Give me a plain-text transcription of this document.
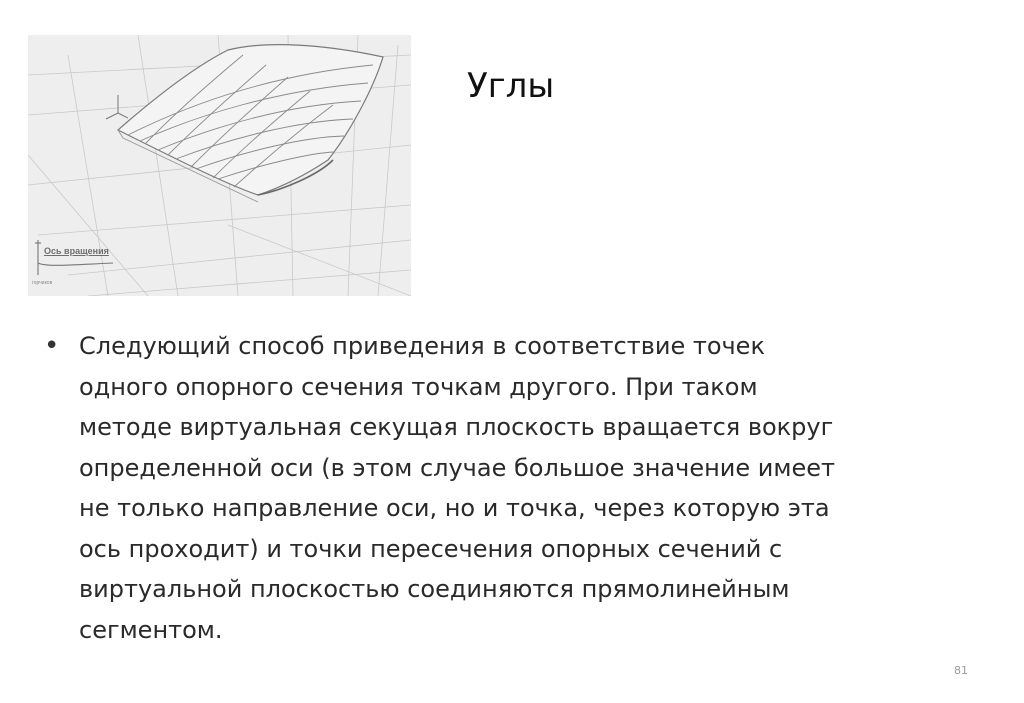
Ось вращения
горчиков
Углы
• Следующий способ приведения в соответствие точек
одного опорного сечения точкам другого. При таком
методе виртуальная секущая плоскость вращается вокруг
определенной оси (в этом случае большое значение имеет
не только направление оси, но и точка, через которую эта
ось проходит) и точки пересечения опорных сечений с
виртуальной плоскостью соединяются прямолинейным
сегментом.
81
